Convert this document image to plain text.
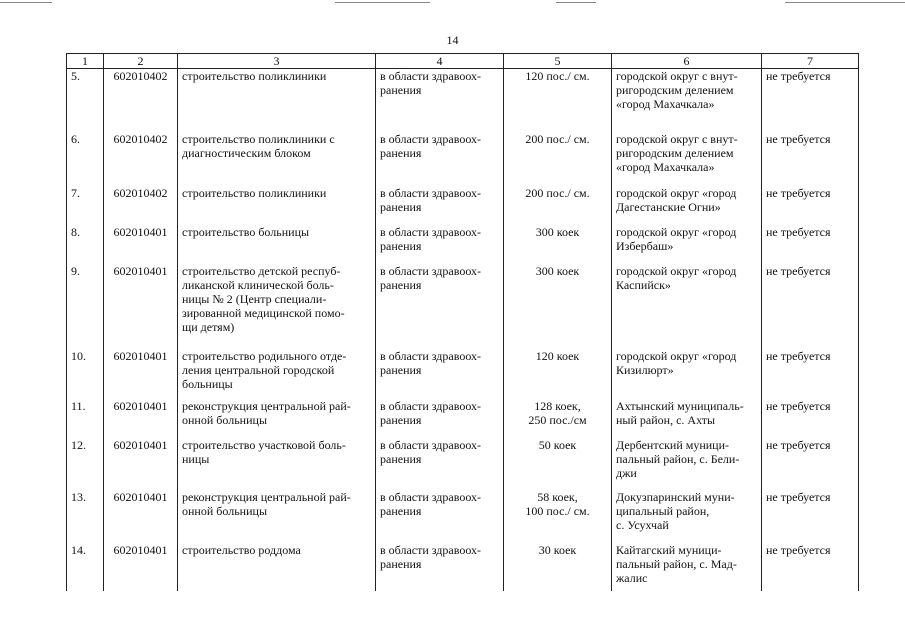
14
1	2	3	4	5	6	7
5.	602010402	строительство поликлиники	в области здравоох-
ранения	120 пос./ см.	городской округ с внут-
ригородским делением
«город Махачкала»	не требуется
6.	602010402	строительство поликлиники с
диагностическим блоком	в области здравоох-
ранения	200 пос./ см.	городской округ с внут-
ригородским делением
«город Махачкала»	не требуется
7.	602010402	строительство поликлиники	в области здравоох-
ранения	200 пос./ см.	городской округ «город
Дагестанские Огни»	не требуется
8.	602010401	строительство больницы	в области здравоох-
ранения	300 коек	городской округ «город
Избербаш»	не требуется
9.	602010401	строительство детской респуб-
ликанской клинической боль-
ницы № 2 (Центр специали-
зированной медицинской помо-
щи детям)	в области здравоох-
ранения	300 коек	городской округ «город
Каспийск»	не требуется
10.	602010401	строительство родильного отде-
ления центральной городской
больницы	в области здравоох-
ранения	120 коек	городской округ «город
Кизилюрт»	не требуется
11.	602010401	реконструкция центральной рай-
онной больницы	в области здравоох-
ранения	128 коек,
250 пос./см	Ахтынский муниципаль-
ный район, с. Ахты	не требуется
12.	602010401	строительство участковой боль-
ницы	в области здравоох-
ранения	50 коек	Дербентский муници-
пальный район, с. Бели-
джи	не требуется
13.	602010401	реконструкция центральной рай-
онной больницы	в области здравоох-
ранения	58 коек,
100 пос./ см.	Докузпаринский муни-
ципальный район,
с. Усухчай	не требуется
14.	602010401	строительство роддома	в области здравоох-
ранения	30 коек	Кайтагский муници-
пальный район, с. Мад-
жалис	не требуется
